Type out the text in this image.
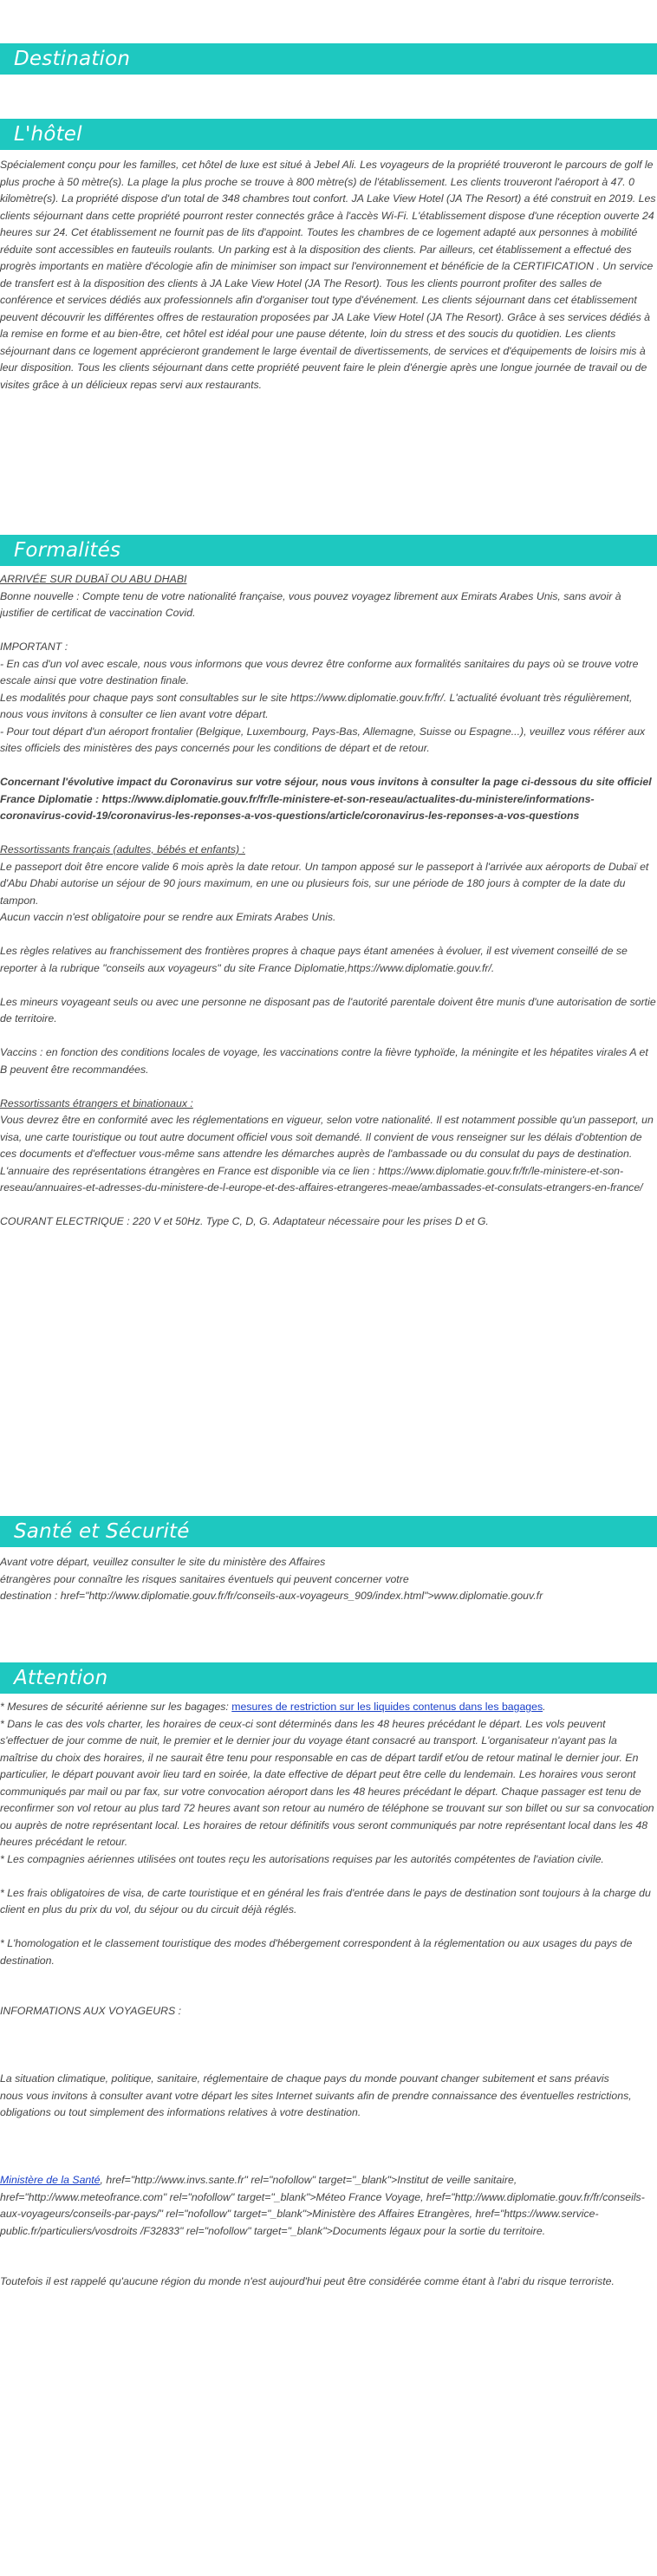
Destination
L'hôtel

Spécialement conçu pour les familles, cet hôtel de luxe est situé à Jebel Ali. Les voyageurs de la propriété trouveront le parcours de golf le plus proche à 50 mètre(s). La plage la plus proche se trouve à 800 mètre(s) de l'établissement. Les clients trouveront l'aéroport à 47. 0 kilomètre(s). La propriété dispose d'un total de 348 chambres tout confort. JA Lake View Hotel (JA The Resort) a été construit en 2019. Les clients séjournant dans cette propriété pourront rester connectés grâce à l'accès Wi-Fi. L'établissement dispose d'une réception ouverte 24 heures sur 24. Cet établissement ne fournit pas de lits d'appoint. Toutes les chambres de ce logement adapté aux personnes à mobilité réduite sont accessibles en fauteuils roulants. Un parking est à la disposition des clients. Par ailleurs, cet établissement a effectué des progrès importants en matière d'écologie afin de minimiser son impact sur l'environnement et bénéficie de la CERTIFICATION . Un service de transfert est à la disposition des clients à JA Lake View Hotel (JA The Resort). Tous les clients pourront profiter des salles de conférence et services dédiés aux professionnels afin d'organiser tout type d'événement. Les clients séjournant dans cet établissement peuvent découvrir les différentes offres de restauration proposées par JA Lake View Hotel (JA The Resort). Grâce à ses services dédiés à la remise en forme et au bien-être, cet hôtel est idéal pour une pause détente, loin du stress et des soucis du quotidien. Les clients séjournant dans ce logement apprécieront grandement le large éventail de divertissements, de services et d'équipements de loisirs mis à leur disposition. Tous les clients séjournant dans cette propriété peuvent faire le plein d'énergie après une longue journée de travail ou de visites grâce à un délicieux repas servi aux restaurants.

Formalités

ARRIVÉE SUR DUBAÏ OU ABU DHABI

Bonne nouvelle : Compte tenu de votre nationalité française, vous pouvez voyagez librement aux Emirats Arabes Unis, sans avoir à justifier de certificat de vaccination Covid.

IMPORTANT :

- En cas d'un vol avec escale, nous vous informons que vous devrez être conforme aux formalités sanitaires du pays où se trouve votre escale ainsi que votre destination finale.

Les modalités pour chaque pays sont consultables sur le site https://www.diplomatie.gouv.fr/fr/. L'actualité évoluant très régulièrement, nous vous invitons à consulter ce lien avant votre départ.

- Pour tout départ d'un aéroport frontalier (Belgique, Luxembourg, Pays-Bas, Allemagne, Suisse ou Espagne...), veuillez vous référer aux sites officiels des ministères des pays concernés pour les conditions de départ et de retour.

Concernant l'évolutive impact du Coronavirus sur votre séjour, nous vous invitons à consulter la page ci-dessous du site officiel France Diplomatie : https://www.diplomatie.gouv.fr/fr/le-ministere-et-son-reseau/actualites-du-ministere/informations-coronavirus-covid-19/coronavirus-les-reponses-a-vos-questions/article/coronavirus-les-reponses-a-vos-questions

Ressortissants français (adultes, bébés et enfants) :

Le passeport doit être encore valide 6 mois après la date retour. Un tampon apposé sur le passeport à l'arrivée aux aéroports de Dubaï et d'Abu Dhabi autorise un séjour de 90 jours maximum, en une ou plusieurs fois, sur une période de 180 jours à compter de la date du tampon.

Aucun vaccin n'est obligatoire pour se rendre aux Emirats Arabes Unis.

Les règles relatives au franchissement des frontières propres à chaque pays étant amenées à évoluer, il est vivement conseillé de se reporter à la rubrique "conseils aux voyageurs" du site France Diplomatie,https://www.diplomatie.gouv.fr/.

Les mineurs voyageant seuls ou avec une personne ne disposant pas de l'autorité parentale doivent être munis d'une autorisation de sortie de territoire.

Vaccins : en fonction des conditions locales de voyage, les vaccinations contre la fièvre typhoïde, la méningite et les hépatites virales A et B peuvent être recommandées.

Ressortissants étrangers et binationaux :

Vous devrez être en conformité avec les réglementations en vigueur, selon votre nationalité. Il est notamment possible qu'un passeport, un visa, une carte touristique ou tout autre document officiel vous soit demandé. Il convient de vous renseigner sur les délais d'obtention de ces documents et d'effectuer vous-même sans attendre les démarches auprès de l'ambassade ou du consulat du pays de destination.

L'annuaire des représentations étrangères en France est disponible via ce lien : https://www.diplomatie.gouv.fr/fr/le-ministere-et-son-reseau/annuaires-et-adresses-du-ministere-de-l-europe-et-des-affaires-etrangeres-meae/ambassades-et-consulats-etrangers-en-france/

COURANT ELECTRIQUE : 220 V et 50Hz. Type C, D, G. Adaptateur nécessaire pour les prises D et G.

Santé et Sécurité

Avant votre départ, veuillez consulter le site du ministère des Affaires

étrangères pour connaître les risques sanitaires éventuels qui peuvent concerner votre

destination : href="http://www.diplomatie.gouv.fr/fr/conseils-aux-voyageurs_909/index.html">www.diplomatie.gouv.fr

Attention

* Mesures de sécurité aérienne sur les bagages: mesures de restriction sur les liquides contenus dans les bagages.

* Dans le cas des vols charter, les horaires de ceux-ci sont déterminés dans les 48 heures précédant le départ. Les vols peuvent s'effectuer de jour comme de nuit, le premier et le dernier jour du voyage étant consacré au transport. L'organisateur n'ayant pas la maîtrise du choix des horaires, il ne saurait être tenu pour responsable en cas de départ tardif et/ou de retour matinal le dernier jour. En particulier, le départ pouvant avoir lieu tard en soirée, la date effective de départ peut être celle du lendemain. Les horaires vous seront communiqués par mail ou par fax, sur votre convocation aéroport dans les 48 heures précédant le départ. Chaque passager est tenu de reconfirmer son vol retour au plus tard 72 heures avant son retour au numéro de téléphone se trouvant sur son billet ou sur sa convocation ou auprès de notre représentant local. Les horaires de retour définitifs vous seront communiqués par notre représentant local dans les 48 heures précédant le retour.

* Les compagnies aériennes utilisées ont toutes reçu les autorisations requises par les autorités compétentes de l'aviation civile.

* Les frais obligatoires de visa, de carte touristique et en général les frais d'entrée dans le pays de destination sont toujours à la charge du client en plus du prix du vol, du séjour ou du circuit déjà réglés.

* L'homologation et le classement touristique des modes d'hébergement correspondent à la réglementation ou aux usages du pays de destination.

INFORMATIONS AUX VOYAGEURS :

La situation climatique, politique, sanitaire, réglementaire de chaque pays du monde pouvant changer subitement et sans préavis

nous vous invitons à consulter avant votre départ les sites Internet suivants afin de prendre connaissance des éventuelles restrictions, obligations ou tout simplement des informations relatives à votre destination.

Ministère de la Santé, href="http://www.invs.sante.fr" rel="nofollow" target="_blank">Institut de veille sanitaire, href="http://www.meteofrance.com" rel="nofollow" target="_blank">Méteo France Voyage, href="http://www.diplomatie.gouv.fr/fr/conseils-aux-voyageurs/conseils-par-pays/" rel="nofollow" target="_blank">Ministère des Affaires Etrangères, href="https://www.service-public.fr/particuliers/vosdroits /F32833" rel="nofollow" target="_blank">Documents légaux pour la sortie du territoire.

Toutefois il est rappelé qu'aucune région du monde n'est aujourd'hui peut être considérée comme étant à l'abri du risque terroriste.
